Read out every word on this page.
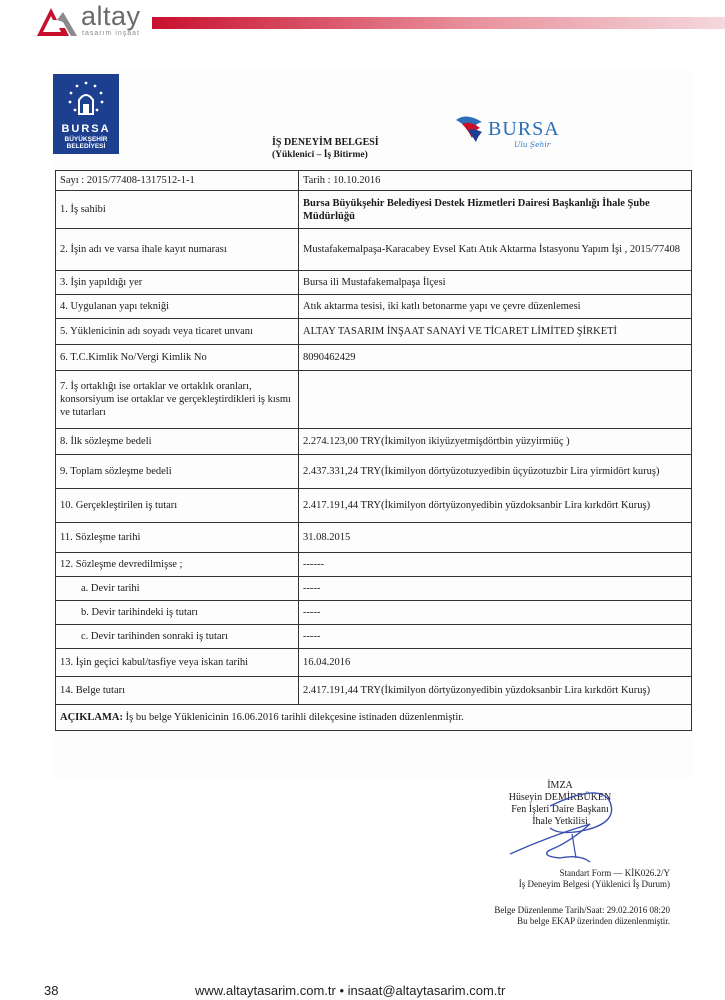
altay
tasarım inşaat
BURSA
BÜYÜKŞEHİR
BELEDİYESİ	İŞ DENEYİM BELGESİ
(Yüklenici – İş Bitirme)
BURSA
Ulu Şehir
Sayı : 2015/77408-1317512-1-1	Tarih : 10.10.2016
1. İş sahibi	Bursa Büyükşehir Belediyesi Destek Hizmetleri Dairesi Başkanlığı İhale Şube Müdürlüğü
2. İşin adı ve varsa ihale kayıt numarası	Mustafakemalpaşa-Karacabey Evsel Katı Atık Aktarma İstasyonu Yapım İşi , 2015/77408
3. İşin yapıldığı yer	Bursa ili Mustafakemalpaşa İlçesi
4. Uygulanan yapı tekniği	Atık aktarma tesisi, iki katlı betonarme yapı ve çevre düzenlemesi
5. Yüklenicinin adı soyadı veya ticaret unvanı	ALTAY TASARIM İNŞAAT SANAYİ VE TİCARET LİMİTED ŞİRKETİ
6. T.C.Kimlik No/Vergi Kimlik No	8090462429
7. İş ortaklığı ise ortaklar ve ortaklık oranları, konsorsiyum ise ortaklar ve gerçekleştirdikleri iş kısmı ve tutarları	
8. İlk sözleşme bedeli	2.274.123,00 TRY(İkimilyon ikiyüzyetmişdörtbin yüzyirmiüç )
9. Toplam sözleşme bedeli	2.437.331,24 TRY(İkimilyon dörtyüzotuzyedibin üçyüzotuzbir Lira yirmidört kuruş)
10. Gerçekleştirilen iş tutarı	2.417.191,44 TRY(İkimilyon dörtyüzonyedibin yüzdoksanbir Lira kırkdört Kuruş)
11. Sözleşme tarihi	31.08.2015
12. Sözleşme devredilmişse ;	------
a. Devir tarihi	-----
b. Devir tarihindeki iş tutarı	-----
c. Devir tarihinden sonraki iş tutarı	-----
13. İşin geçici kabul/tasfiye veya iskan tarihi	16.04.2016
14. Belge tutarı	2.417.191,44 TRY(İkimilyon dörtyüzonyedibin yüzdoksanbir Lira kırkdört Kuruş)
AÇIKLAMA: İş bu belge Yüklenicinin 16.06.2016 tarihli dilekçesine istinaden düzenlenmiştir.	
İMZA
Hüseyin DEMİRBÜKEN
Fen İşleri Daire Başkanı
İhale Yetkilisi
Standart Form — KİK026.2/Y
İş Deneyim Belgesi (Yüklenici İş Durum)
Belge Düzenlenme Tarih/Saat: 29.02.2016 08:20
Bu belge EKAP üzerinden düzenlenmiştir.
38	www.altaytasarim.com.tr • insaat@altaytasarim.com.tr
